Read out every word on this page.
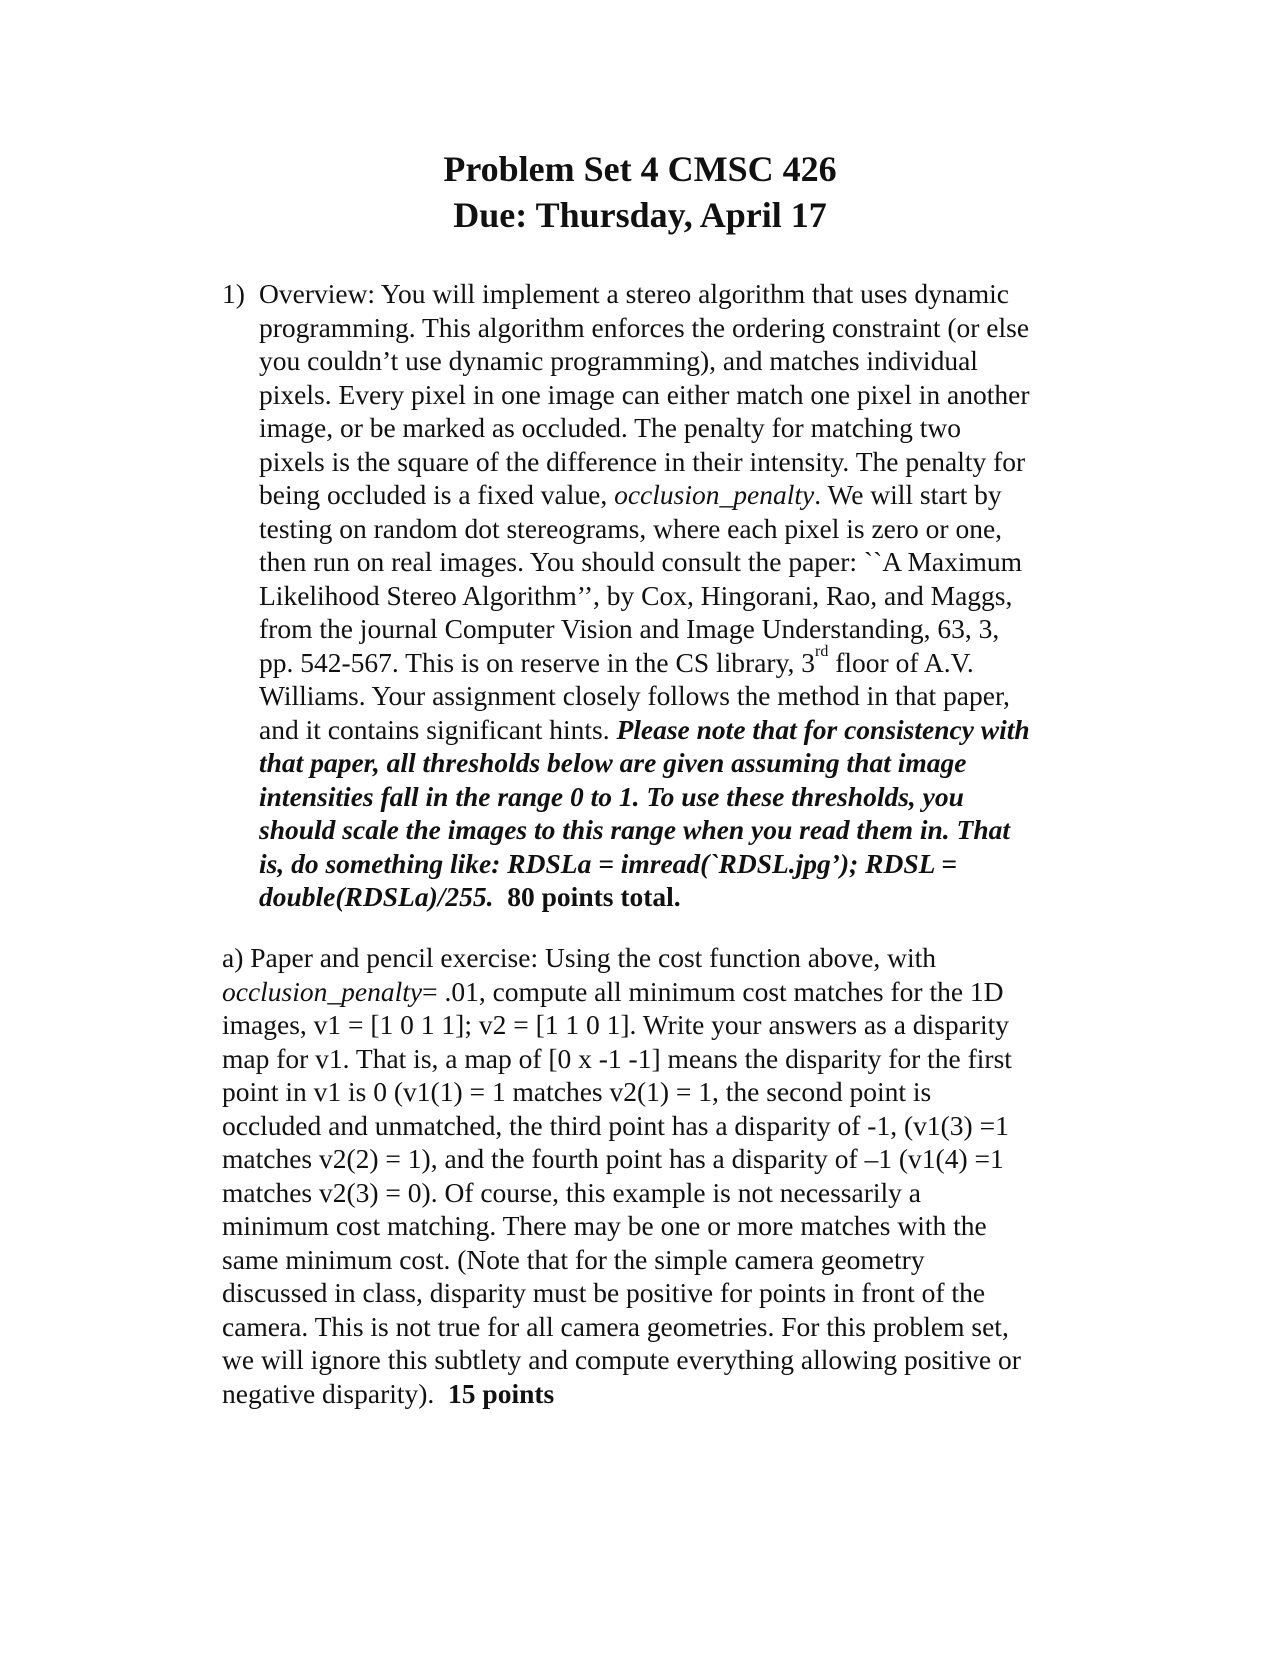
Problem Set 4 CMSC 426
Due: Thursday, April 17
1) Overview: You will implement a stereo algorithm that uses dynamic
programming. This algorithm enforces the ordering constraint (or else
you couldn’t use dynamic programming), and matches individual
pixels. Every pixel in one image can either match one pixel in another
image, or be marked as occluded. The penalty for matching two
pixels is the square of the difference in their intensity. The penalty for
being occluded is a fixed value, occlusion_penalty. We will start by
testing on random dot stereograms, where each pixel is zero or one,
then run on real images. You should consult the paper: ``A Maximum
Likelihood Stereo Algorithm’’, by Cox, Hingorani, Rao, and Maggs,
from the journal Computer Vision and Image Understanding, 63, 3,
pp. 542-567. This is on reserve in the CS library, 3rd floor of A.V.
Williams. Your assignment closely follows the method in that paper,
and it contains significant hints. Please note that for consistency with
that paper, all thresholds below are given assuming that image
intensities fall in the range 0 to 1. To use these thresholds, you
should scale the images to this range when you read them in. That
is, do something like: RDSLa = imread(`RDSL.jpg’); RDSL =
double(RDSLa)/255.  80 points total.
a) Paper and pencil exercise: Using the cost function above, with
occlusion_penalty= .01, compute all minimum cost matches for the 1D
images, v1 = [1 0 1 1]; v2 = [1 1 0 1]. Write your answers as a disparity
map for v1. That is, a map of [0 x -1 -1] means the disparity for the first
point in v1 is 0 (v1(1) = 1 matches v2(1) = 1, the second point is
occluded and unmatched, the third point has a disparity of -1, (v1(3) =1
matches v2(2) = 1), and the fourth point has a disparity of –1 (v1(4) =1
matches v2(3) = 0). Of course, this example is not necessarily a
minimum cost matching. There may be one or more matches with the
same minimum cost. (Note that for the simple camera geometry
discussed in class, disparity must be positive for points in front of the
camera. This is not true for all camera geometries. For this problem set,
we will ignore this subtlety and compute everything allowing positive or
negative disparity).  15 points
